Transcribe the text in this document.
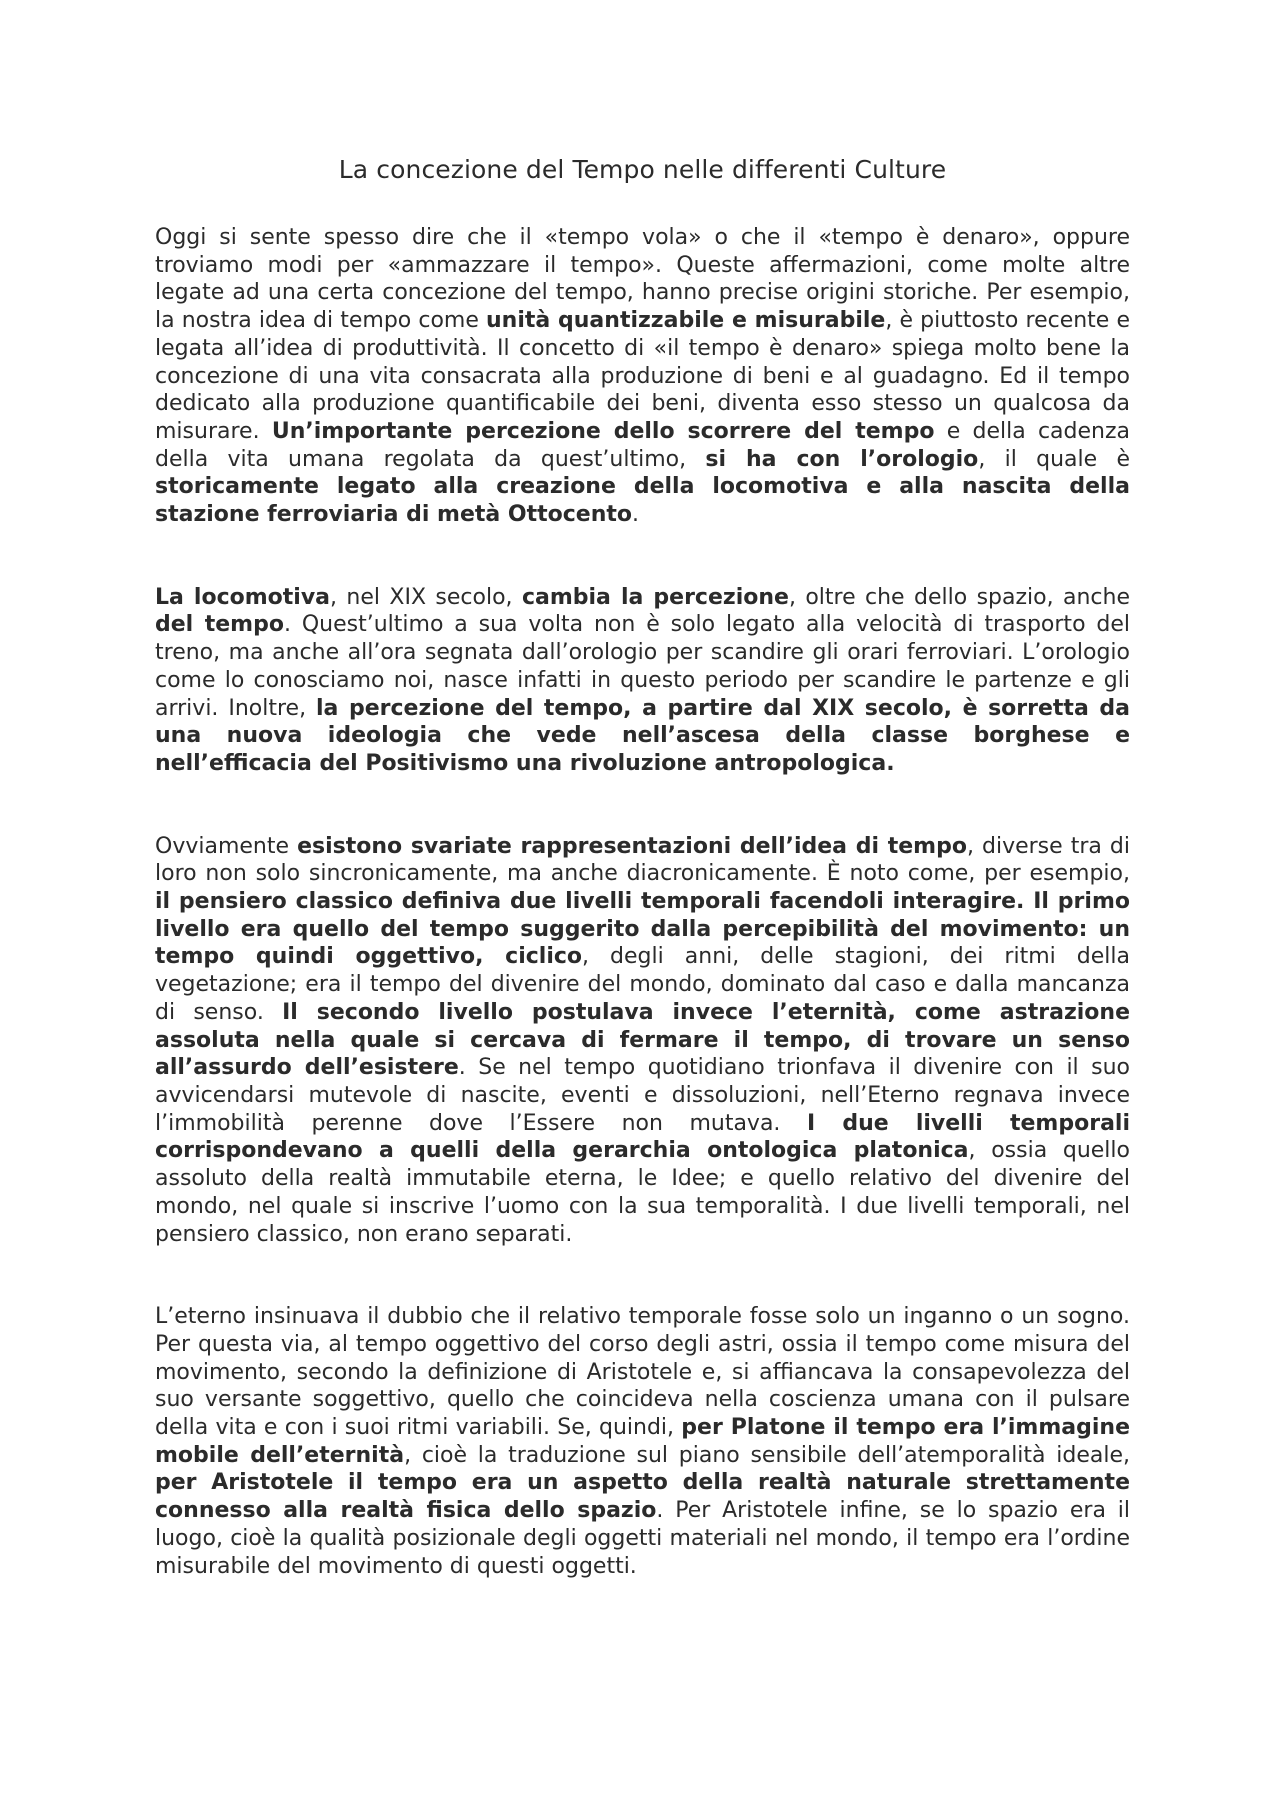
La concezione del Tempo nelle differenti Culture

Oggi si sente spesso dire che il «tempo vola» o che il «tempo è denaro», oppure troviamo modi per «ammazzare il tempo». Queste affermazioni, come molte altre legate ad una certa concezione del tempo, hanno precise origini storiche. Per esempio, la nostra idea di tempo come unità quantizzabile e misurabile, è piuttosto recente e legata all’idea di produttività. Il concetto di «il tempo è denaro» spiega molto bene la concezione di una vita consacrata alla produzione di beni e al guadagno. Ed il tempo dedicato alla produzione quantificabile dei beni, diventa esso stesso un qualcosa da misurare. Un’importante percezione dello scorrere del tempo e della cadenza della vita umana regolata da quest’ultimo, si ha con l’orologio, il quale è storicamente legato alla creazione della locomotiva e alla nascita della stazione ferroviaria di metà Ottocento.

La locomotiva, nel XIX secolo, cambia la percezione, oltre che dello spazio, anche del tempo. Quest’ultimo a sua volta non è solo legato alla velocità di trasporto del treno, ma anche all’ora segnata dall’orologio per scandire gli orari ferroviari. L’orologio come lo conosciamo noi, nasce infatti in questo periodo per scandire le partenze e gli arrivi. Inoltre, la percezione del tempo, a partire dal XIX secolo, è sorretta da una nuova ideologia che vede nell’ascesa della classe borghese e nell’efficacia del Positivismo una rivoluzione antropologica.

Ovviamente esistono svariate rappresentazioni dell’idea di tempo, diverse tra di loro non solo sincronicamente, ma anche diacronicamente. È noto come, per esempio, il pensiero classico definiva due livelli temporali facendoli interagire. Il primo livello era quello del tempo suggerito dalla percepibilità del movimento: un tempo quindi oggettivo, ciclico, degli anni, delle stagioni, dei ritmi della vegetazione; era il tempo del divenire del mondo, dominato dal caso e dalla mancanza di senso. Il secondo livello postulava invece l’eternità, come astrazione assoluta nella quale si cercava di fermare il tempo, di trovare un senso all’assurdo dell’esistere. Se nel tempo quotidiano trionfava il divenire con il suo avvicendarsi mutevole di nascite, eventi e dissoluzioni, nell’Eterno regnava invece l’immobilità perenne dove l’Essere non mutava. I due livelli temporali corrispondevano a quelli della gerarchia ontologica platonica, ossia quello assoluto della realtà immutabile eterna, le Idee; e quello relativo del divenire del mondo, nel quale si inscrive l’uomo con la sua temporalità. I due livelli temporali, nel pensiero classico, non erano separati.

L’eterno insinuava il dubbio che il relativo temporale fosse solo un inganno o un sogno. Per questa via, al tempo oggettivo del corso degli astri, ossia il tempo come misura del movimento, secondo la definizione di Aristotele e, si affiancava la consapevolezza del suo versante soggettivo, quello che coincideva nella coscienza umana con il pulsare della vita e con i suoi ritmi variabili. Se, quindi, per Platone il tempo era l’immagine mobile dell’eternità, cioè la traduzione sul piano sensibile dell’atemporalità ideale, per Aristotele il tempo era un aspetto della realtà naturale strettamente connesso alla realtà fisica dello spazio. Per Aristotele infine, se lo spazio era il luogo, cioè la qualità posizionale degli oggetti materiali nel mondo, il tempo era l’ordine misurabile del movimento di questi oggetti.
